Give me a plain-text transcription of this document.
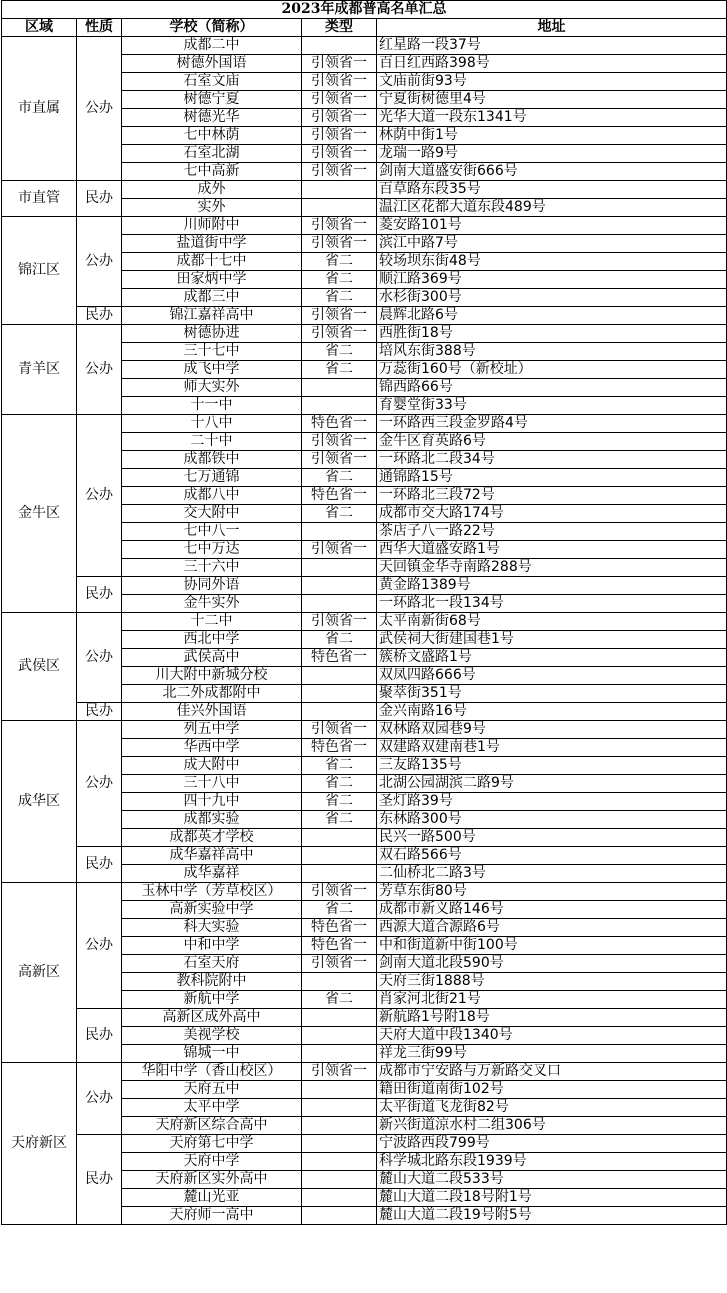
2023年成都普高名单汇总				
区域	性质	学校（简称）	类型	地址
市直属	公办	成都二中		红星路一段37号
		树德外国语	引领省一	百日红西路398号
		石室文庙	引领省一	文庙前街93号
		树德宁夏	引领省一	宁夏街树德里4号
		树德光华	引领省一	光华大道一段东1341号
		七中林荫	引领省一	林荫中街1号
		石室北湖	引领省一	龙瑞一路9号
		七中高新	引领省一	剑南大道盛安街666号
市直管	民办	成外		百草路东段35号
		实外		温江区花都大道东段489号
锦江区	公办	川师附中	引领省一	菱安路101号
		盐道街中学	引领省一	滨江中路7号
		成都十七中	省二	较场坝东街48号
		田家炳中学	省二	顺江路369号
		成都三中	省二	水杉街300号
	民办	锦江嘉祥高中	引领省一	晨辉北路6号
青羊区	公办	树德协进	引领省一	西胜街18号
		三十七中	省二	培风东街388号
		成飞中学	省二	万蕊街160号（新校址）
		师大实外		锦西路66号
		十一中		育婴堂街33号
金牛区	公办	十八中	特色省一	一环路西三段金罗路4号
		二十中	引领省一	金牛区育英路6号
		成都铁中	引领省一	一环路北二段34号
		七万通锦	省二	通锦路15号
		成都八中	特色省一	一环路北三段72号
		交大附中	省二	成都市交大路174号
		七中八一		茶店子八一路22号
		七中万达	引领省一	西华大道盛安路1号
		三十六中		天回镇金华寺南路288号
	民办	协同外语		黄金路1389号
		金牛实外		一环路北一段134号
武侯区	公办	十二中	引领省一	太平南新街68号
		西北中学	省二	武侯祠大街建国巷1号
		武侯高中	特色省一	簇桥文盛路1号
		川大附中新城分校		双凤四路666号
		北二外成都附中		聚萃街351号
	民办	佳兴外国语		金兴南路16号
成华区	公办	列五中学	引领省一	双林路双园巷9号
		华西中学	特色省一	双建路双建南巷1号
		成大附中	省二	三友路135号
		三十八中	省二	北湖公园湖滨二路9号
		四十九中	省二	圣灯路39号
		成都实验	省二	东林路300号
		成都英才学校		民兴一路500号
	民办	成华嘉祥高中		双石路566号
		成华嘉祥		二仙桥北二路3号
高新区	公办	玉林中学（芳草校区）	引领省一	芳草东街80号
		高新实验中学	省二	成都市新义路146号
		科大实验	特色省一	西源大道合源路6号
		中和中学	特色省一	中和街道新中街100号
		石室天府	引领省一	剑南大道北段590号
		教科院附中		天府三街1888号
		新航中学	省二	肖家河北街21号
	民办	高新区成外高中		新航路1号附18号
		美视学校		天府大道中段1340号
		锦城一中		祥龙三街99号
天府新区	公办	华阳中学（香山校区）	引领省一	成都市宁安路与万新路交叉口
		天府五中		籍田街道南街102号
		太平中学		太平街道飞龙街82号
		天府新区综合高中		新兴街道涼水村二组306号
	民办	天府第七中学		宁波路西段799号
		天府中学		科学城北路东段1939号
		天府新区实外高中		麓山大道二段533号
		麓山光亚		麓山大道二段18号附1号
		天府师一高中		麓山大道二段19号附5号
